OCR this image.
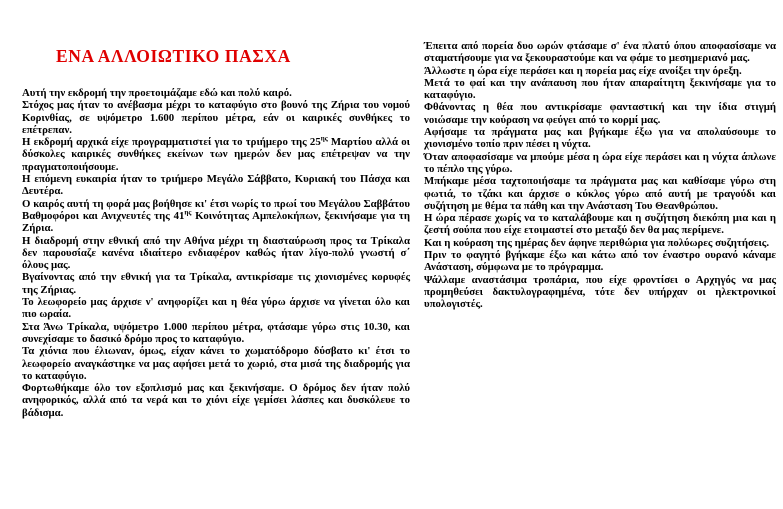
ΕΝΑ ΑΛΛΟΙΩΤΙΚΟ ΠΑΣΧΑ

Αυτή την εκδρομή την προετοιμάζαμε εδώ και πολύ καιρό.

Στόχος μας ήταν το ανέβασμα μέχρι το καταφύγιο στο βουνό της Ζήρια του νομού Κορινθίας, σε υψόμετρο 1.600 περίπου μέτρα, εάν οι καιρικές συνθήκες το επέτρεπαν.

Η εκδρομή αρχικά είχε προγραμματιστεί για το τριήμερο της $25^{\eta\varsigma}$ Μαρτίου αλλά οι δύσκολες καιρικές συνθήκες εκείνων των ημερών δεν μας επέτρεψαν να την πραγματοποιήσουμε.

Η επόμενη ευκαιρία ήταν το τριήμερο Μεγάλο Σάββατο, Κυριακή του Πάσχα και Δευτέρα.

Ο καιρός αυτή τη φορά μας βοήθησε κι' έτσι νωρίς το πρωί του Μεγάλου Σαββάτου Βαθμοφόροι και Ανιχνευτές της $41^{\eta\varsigma}$ Κοινότητας Αμπελοκήπων, ξεκινήσαμε για τη Ζήρια.

Η διαδρομή στην εθνική από την Αθήνα μέχρι τη διασταύρωση προς τα Τρίκαλα δεν παρουσίαζε κανένα ιδιαίτερο ενδιαφέρον καθώς ήταν λίγο-πολύ γνωστή σ΄ όλους μας.

Βγαίνοντας από την εθνική για τα Τρίκαλα, αντικρίσαμε τις χιονισμένες κορυφές της Ζήριας.

Το λεωφορείο μας άρχισε ν' ανηφορίζει και η θέα γύρω άρχισε να γίνεται όλο και πιο ωραία.

Στα Άνω Τρίκαλα, υψόμετρο 1.000 περίπου μέτρα, φτάσαμε γύρω στις 10.30, και συνεχίσαμε το δασικό δρόμο προς το καταφύγιο.

Τα χιόνια που έλιωναν, όμως, είχαν κάνει το χωματόδρομο δύσβατο κι' έτσι το λεωφορείο αναγκάστηκε να μας αφήσει μετά το χωριό, στα μισά της διαδρομής για το καταφύγιο.

Φορτωθήκαμε όλο τον εξοπλισμό μας και ξεκινήσαμε. Ο δρόμος δεν ήταν πολύ ανηφορικός, αλλά από τα νερά και το χιόνι είχε γεμίσει λάσπες και δυσκόλευε το βάδισμα.

Έπειτα από πορεία δυο ωρών φτάσαμε σ' ένα πλατύ όπου αποφασίσαμε να σταματήσουμε για να ξεκουραστούμε και να φάμε το μεσημεριανό μας.

Άλλωστε η ώρα είχε περάσει και η πορεία μας είχε ανοίξει την όρεξη.

Μετά το φαί και την ανάπαυση που ήταν απαραίτητη ξεκινήσαμε για το καταφύγιο.

Φθάνοντας η θέα που αντικρίσαμε φανταστική και την ίδια στιγμή νοιώσαμε την κούραση να φεύγει από το κορμί μας.

Αφήσαμε τα πράγματα μας και βγήκαμε έξω για να απολαύσουμε το χιονισμένο τοπίο πριν πέσει η νύχτα.

Όταν αποφασίσαμε να μπούμε μέσα η ώρα είχε περάσει και η νύχτα άπλωνε το πέπλο της γύρω.

Μπήκαμε μέσα ταχτοποιήσαμε τα πράγματα μας και καθίσαμε γύρω στη φωτιά, το τζάκι και άρχισε ο κύκλος γύρω από αυτή με τραγούδι και συζήτηση με θέμα τα πάθη και την Ανάσταση Του Θεανθρώπου.

Η ώρα πέρασε χωρίς να το καταλάβουμε και η συζήτηση διεκόπη μια και η ζεστή σούπα που είχε ετοιμαστεί στο μεταξύ δεν θα μας περίμενε.

Και η κούραση της ημέρας δεν άφηνε περιθώρια για πολύωρες συζητήσεις.

Πριν το φαγητό βγήκαμε έξω και κάτω από τον έναστρο ουρανό κάναμε Ανάσταση, σύμφωνα με το πρόγραμμα.

Ψάλλαμε αναστάσιμα τροπάρια, που είχε φροντίσει ο Αρχηγός να μας προμηθεύσει δακτυλογραφημένα, τότε δεν υπήρχαν οι ηλεκτρονικοί υπολογιστές.
